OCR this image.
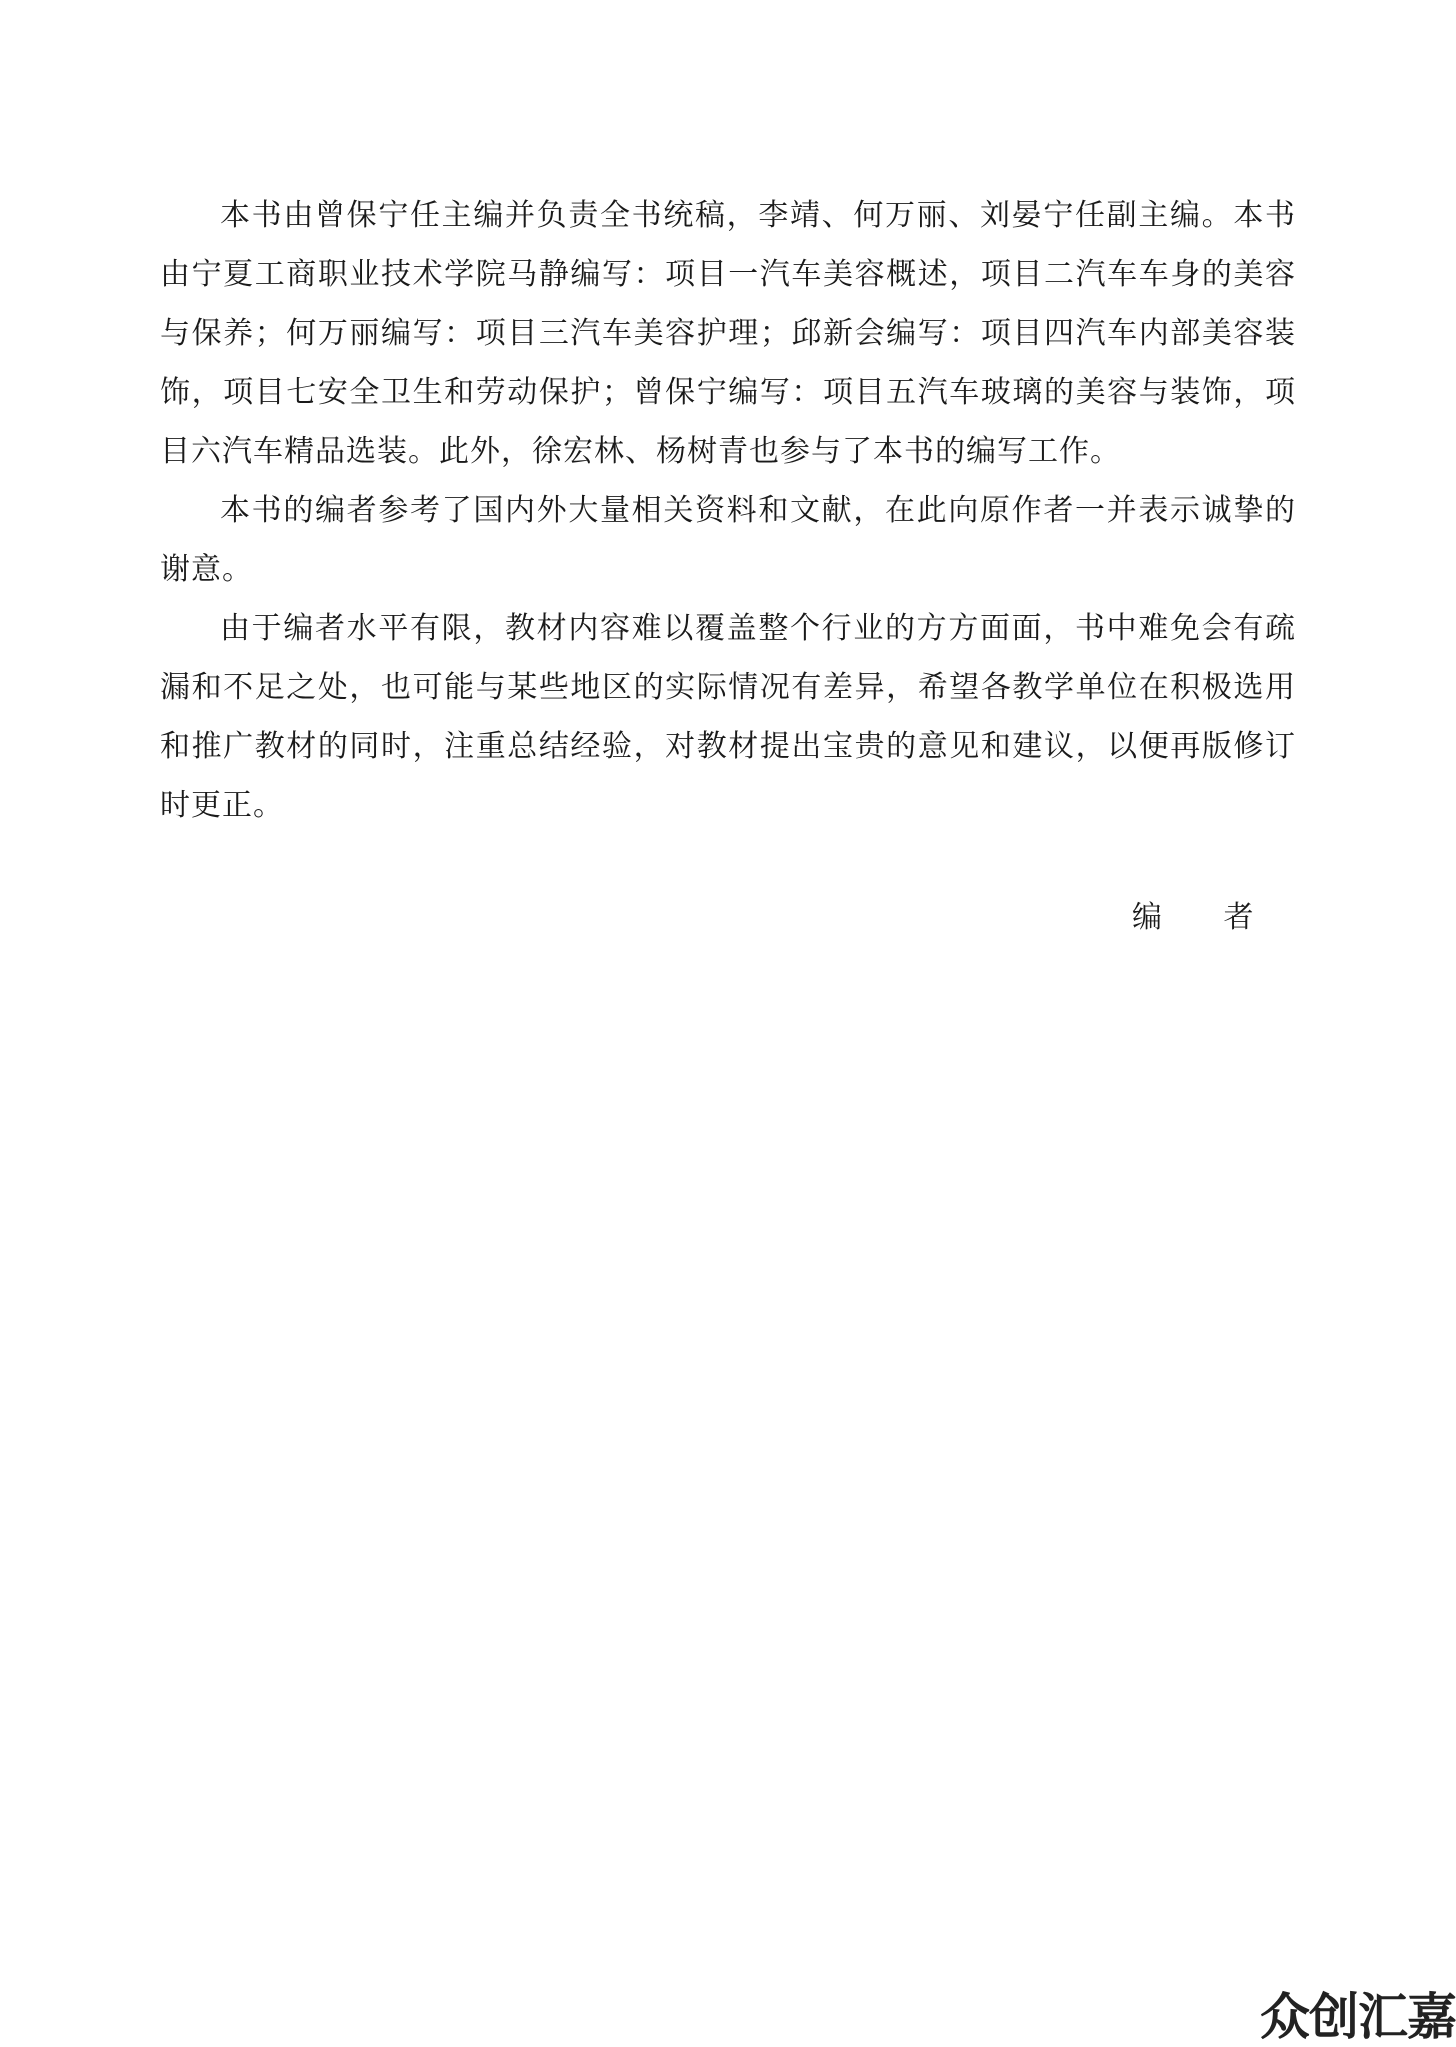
本书由曾保宁任主编并负责全书统稿，李靖、何万丽、刘晏宁任副主编。本书由宁夏工商职业技术学院马静编写：项目一汽车美容概述，项目二汽车车身的美容与保养；何万丽编写：项目三汽车美容护理；邱新会编写：项目四汽车内部美容装饰，项目七安全卫生和劳动保护；曾保宁编写：项目五汽车玻璃的美容与装饰，项目六汽车精品选装。此外，徐宏林、杨树青也参与了本书的编写工作。

本书的编者参考了国内外大量相关资料和文献，在此向原作者一并表示诚挚的谢意。

由于编者水平有限，教材内容难以覆盖整个行业的方方面面，书中难免会有疏漏和不足之处，也可能与某些地区的实际情况有差异，希望各教学单位在积极选用和推广教材的同时，注重总结经验，对教材提出宝贵的意见和建议，以便再版修订时更正。

编 者
众创汇嘉
